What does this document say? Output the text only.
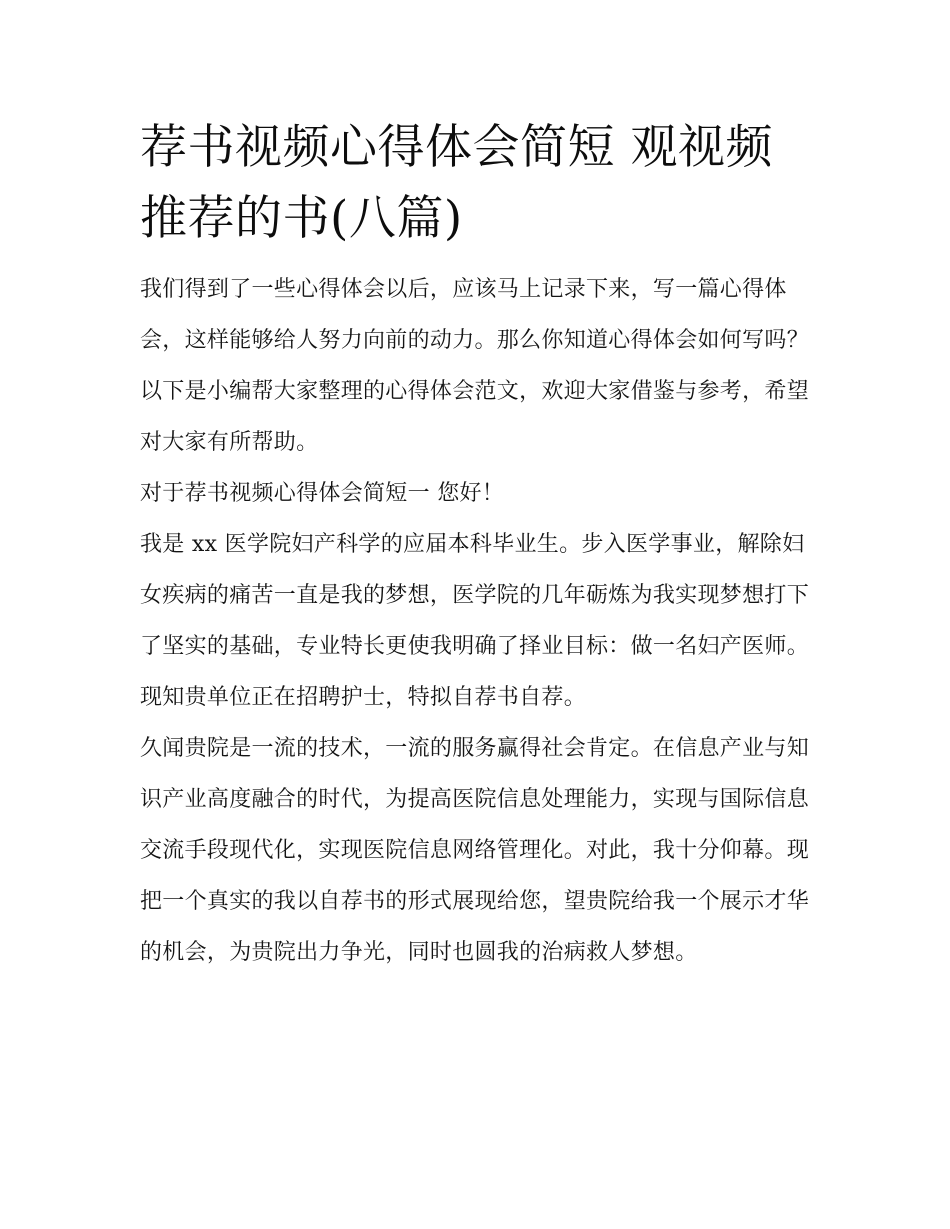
荐书视频心得体会简短 观视频推荐的书(八篇)

我们得到了一些心得体会以后，应该马上记录下来，写一篇心得体会，这样能够给人努力向前的动力。那么你知道心得体会如何写吗？以下是小编帮大家整理的心得体会范文，欢迎大家借鉴与参考，希望对大家有所帮助。

对于荐书视频心得体会简短一 您好！

我是 xx 医学院妇产科学的应届本科毕业生。步入医学事业，解除妇女疾病的痛苦一直是我的梦想，医学院的几年砺炼为我实现梦想打下了坚实的基础，专业特长更使我明确了择业目标：做一名妇产医师。现知贵单位正在招聘护士，特拟自荐书自荐。

久闻贵院是一流的技术，一流的服务赢得社会肯定。在信息产业与知识产业高度融合的时代，为提高医院信息处理能力，实现与国际信息交流手段现代化，实现医院信息网络管理化。对此，我十分仰幕。现把一个真实的我以自荐书的形式展现给您，望贵院给我一个展示才华的机会，为贵院出力争光，同时也圆我的治病救人梦想。
